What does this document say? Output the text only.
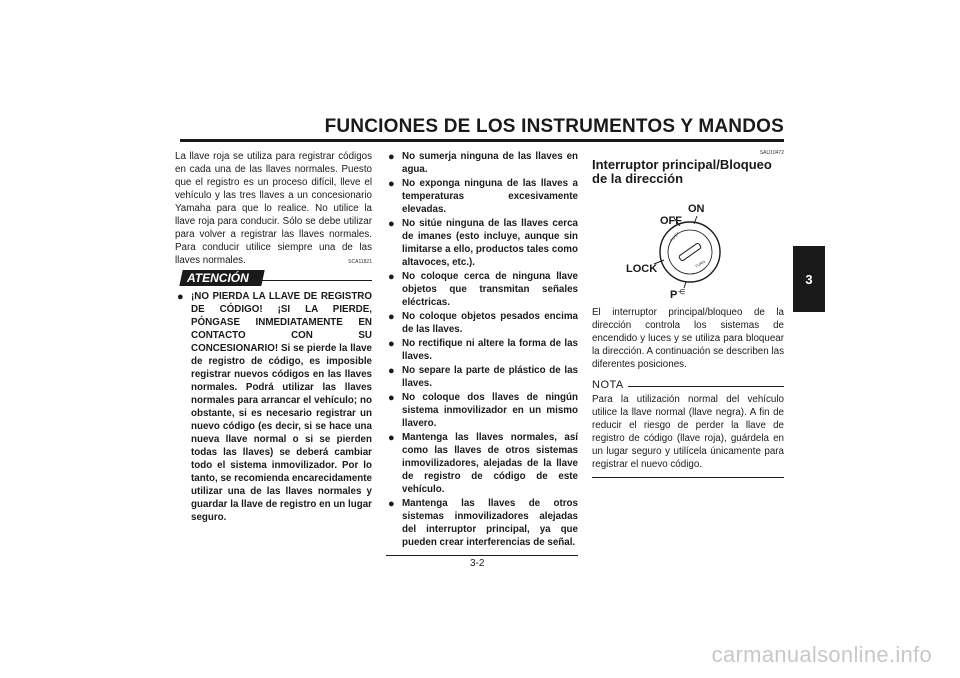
FUNCIONES DE LOS INSTRUMENTOS Y MANDOS
3

La llave roja se utiliza para registrar códigos en cada una de las llaves normales. Puesto que el registro es un proceso difícil, lleve el vehículo y las tres llaves a un concesionario Yamaha para que lo realice. No utilice la llave roja para conducir. Sólo se debe utilizar para volver a registrar las llaves normales. Para conducir utilice siempre una de las llaves normales.

ATENCIÓN
SCA11821
● ¡NO PIERDA LA LLAVE DE REGISTRO DE CÓDIGO! ¡SI LA PIERDE, PÓNGASE INMEDIATAMENTE EN CONTACTO CON SU CONCESIONARIO! Si se pierde la llave de registro de código, es imposible registrar nuevos códigos en las llaves normales. Podrá utilizar las llaves normales para arrancar el vehículo; no obstante, si es necesario registrar un nuevo código (es decir, si se hace una nueva llave normal o si se pierden todas las llaves) se deberá cambiar todo el sistema inmovilizador. Por lo tanto, se recomienda encarecidamente utilizar una de las llaves normales y guardar la llave de registro en un lugar seguro.

● No sumerja ninguna de las llaves en agua.

● No exponga ninguna de las llaves a temperaturas excesivamente elevadas.

● No sitúe ninguna de las llaves cerca de imanes (esto incluye, aunque sin limitarse a ello, productos tales como altavoces, etc.).

● No coloque cerca de ninguna llave objetos que transmitan señales eléctricas.

● No coloque objetos pesados encima de las llaves.

● No rectifique ni altere la forma de las llaves.

● No separe la parte de plástico de las llaves.

● No coloque dos llaves de ningún sistema inmovilizador en un mismo llavero.

● Mantenga las llaves normales, así como las llaves de otros sistemas inmovilizadores, alejadas de la llave de registro de código de este vehículo.

● Mantenga las llaves de otros sistemas inmovilizadores alejadas del interruptor principal, ya que pueden crear interferencias de señal.

SAU10472
Interruptor principal/Bloqueo de la dirección
PUSH
TURN
ON
OFF
LOCK
P ⋲

El interruptor principal/bloqueo de la dirección controla los sistemas de encendido y luces y se utiliza para bloquear la dirección. A continuación se describen las diferentes posiciones.

NOTA

Para la utilización normal del vehículo utilice la llave normal (llave negra). A fin de reducir el riesgo de perder la llave de registro de código (llave roja), guárdela en un lugar seguro y utilícela únicamente para registrar el nuevo código.

3-2
carmanualsonline.info
